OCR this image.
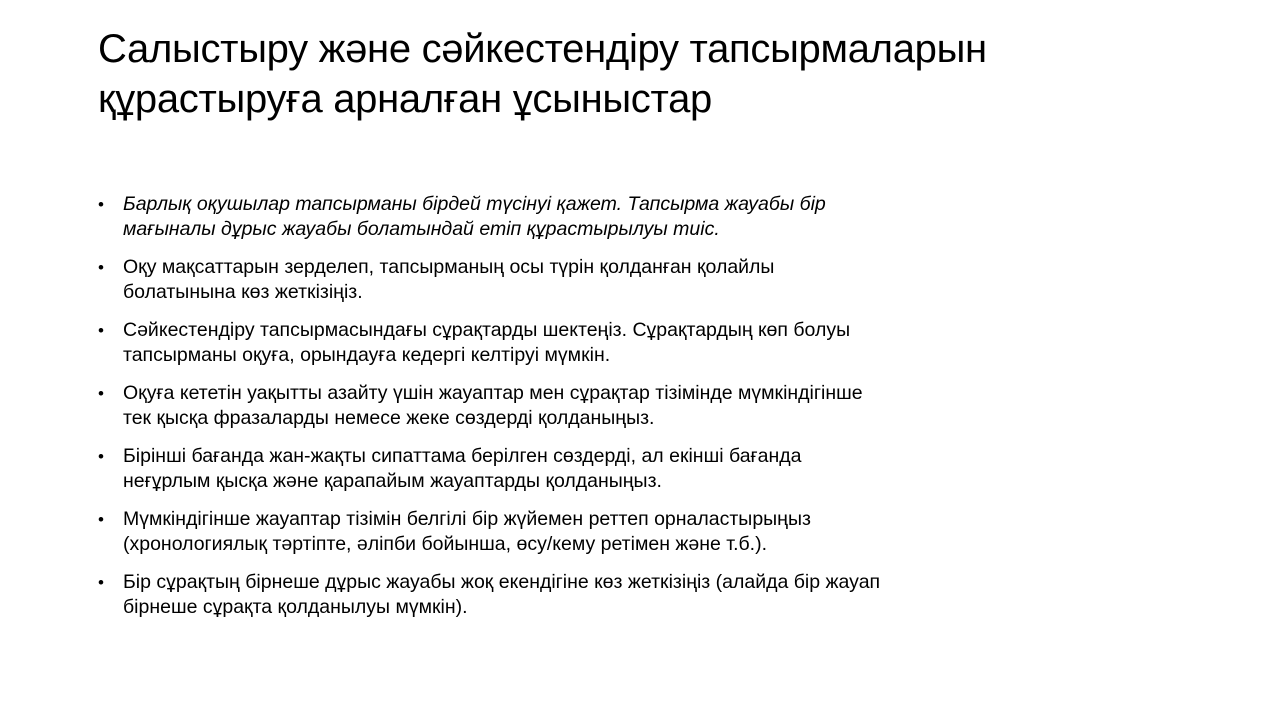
Салыстыру және сәйкестендіру тапсырмаларын
құрастыруға арналған ұсыныстар
• Барлық оқушылар тапсырманы бірдей түсінуі қажет. Тапсырма жауабы бір
мағыналы дұрыс жауабы болатындай етіп құрастырылуы тиіс.
• Оқу мақсаттарын зерделеп, тапсырманың осы түрін қолданған қолайлы
болатынына көз жеткізіңіз.
• Сәйкестендіру тапсырмасындағы сұрақтарды шектеңіз. Сұрақтардың көп болуы
тапсырманы оқуға, орындауға кедергі келтіруі мүмкін.
• Оқуға кететін уақытты азайту үшін жауаптар мен сұрақтар тізімінде мүмкіндігінше
тек қысқа фразаларды немесе жеке сөздерді қолданыңыз.
• Бірінші бағанда жан-жақты сипаттама берілген сөздерді, ал екінші бағанда
неғұрлым қысқа және қарапайым жауаптарды қолданыңыз.
• Мүмкіндігінше жауаптар тізімін белгілі бір жүйемен реттеп орналастырыңыз
(хронологиялық тәртіпте, әліпби бойынша, өсу/кему ретімен және т.б.).
• Бір сұрақтың бірнеше дұрыс жауабы жоқ екендігіне көз жеткізіңіз (алайда бір жауап
бірнеше сұрақта қолданылуы мүмкін).
